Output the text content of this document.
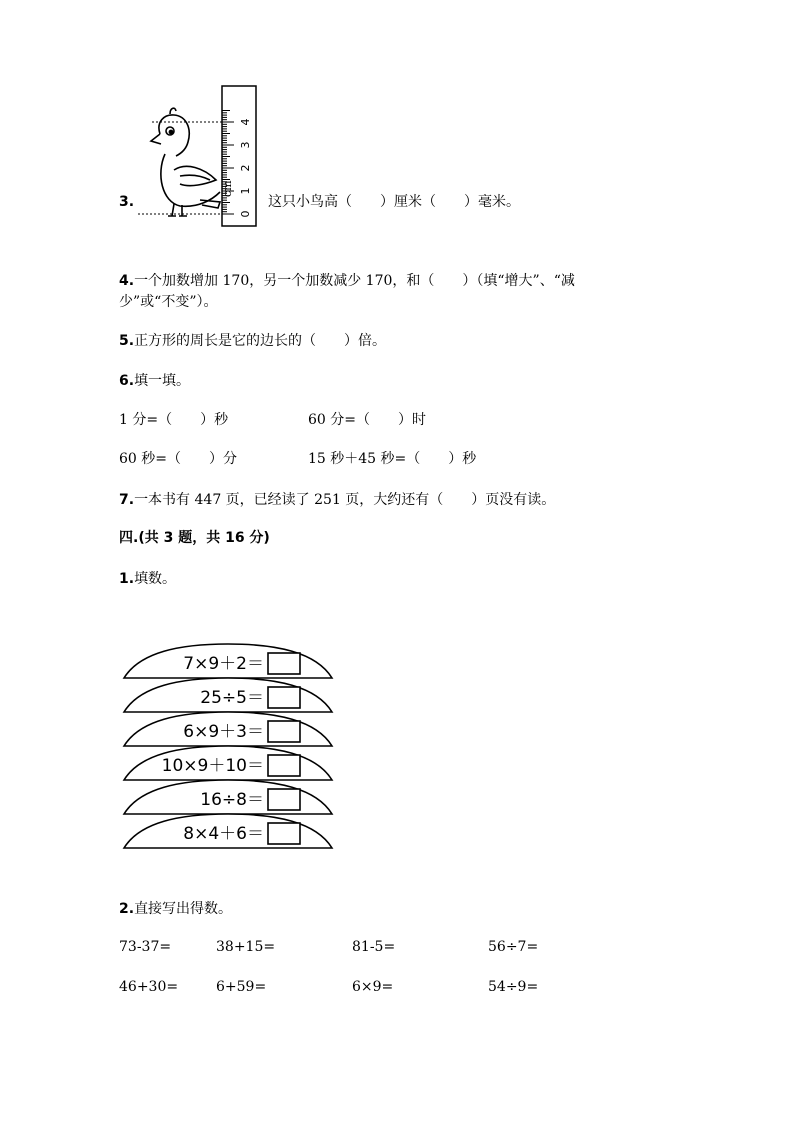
0
1
2
3
4
3.	这只小鸟高（　　）厘米（　　）毫米。
cm
4.一个加数增加 170，另一个加数减少 170，和（　　）（填“增大”、“减
少”或“不变”）。
5.正方形的周长是它的边长的（　　）倍。
6.填一填。
1 分=（　　）秒	60 分=（　　）时
60 秒=（　　）分	15 秒＋45 秒=（　　）秒
7.一本书有 447 页，已经读了 251 页，大约还有（　　）页没有读。
四.(共 3 题，共 16 分)
1.填数。
7×9＋2＝
25÷5＝
6×9＋3＝
10×9＋10＝
16÷8＝
8×4＋6＝
2.直接写出得数。
73-37=	38+15=	81-5=	56÷7=
46+30=	6+59=	6×9=	54÷9=
